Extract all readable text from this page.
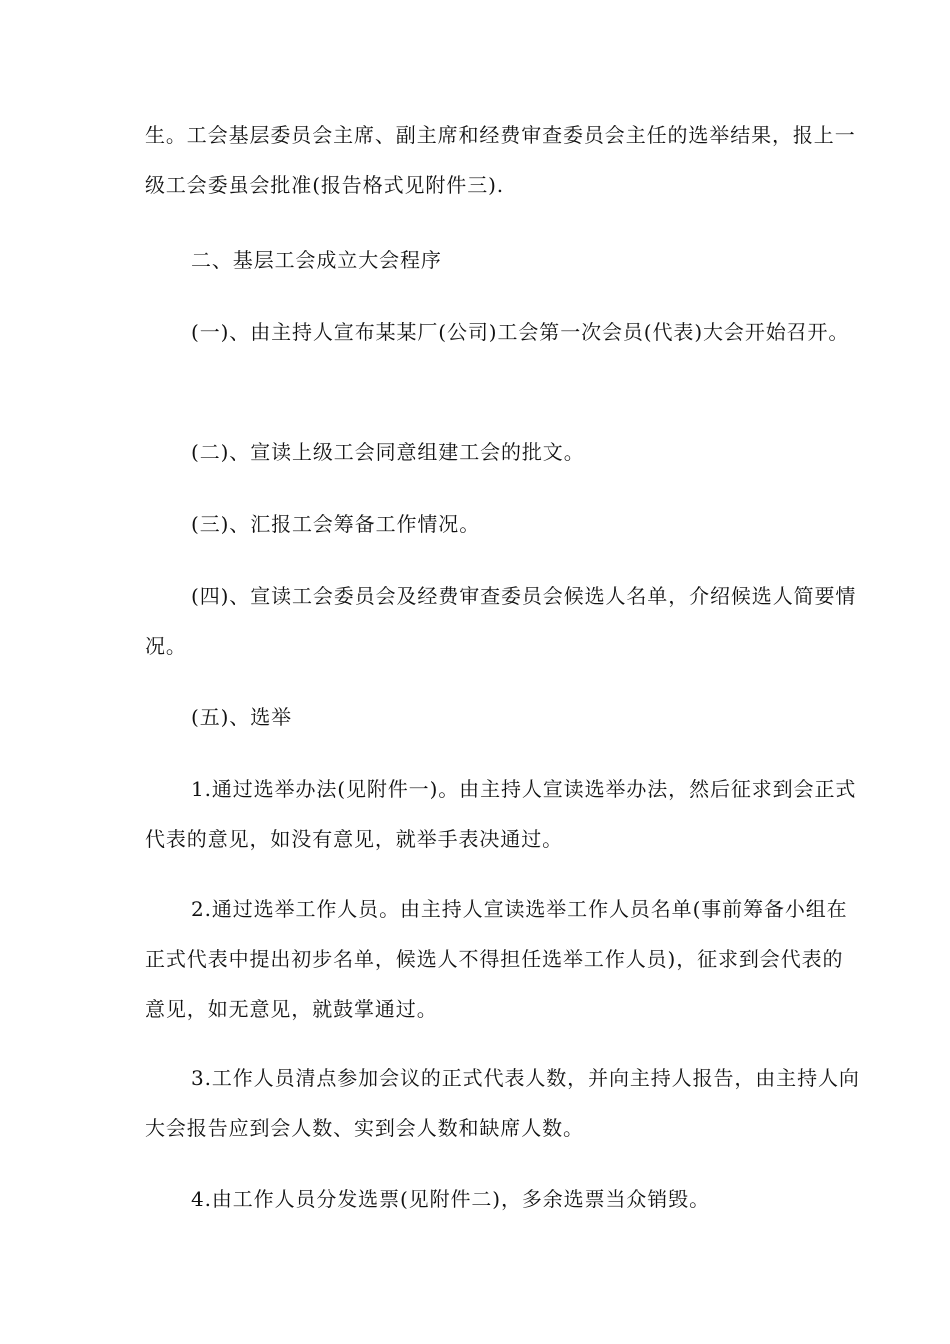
生。工会基层委员会主席、副主席和经费审查委员会主任的选举结果，报上一级工会委虽会批准(报告格式见附件三).

二、基层工会成立大会程序

(一)、由主持人宣布某某厂(公司)工会第一次会员(代表)大会开始召开。

(二)、宣读上级工会同意组建工会的批文。

(三)、汇报工会筹备工作情况。

(四)、宣读工会委员会及经费审查委员会候选人名单，介绍候选人简要情况。

(五)、选举

1.通过选举办法(见附件一)。由主持人宣读选举办法，然后征求到会正式代表的意见，如没有意见，就举手表决通过。

2.通过选举工作人员。由主持人宣读选举工作人员名单(事前筹备小组在正式代表中提出初步名单，候选人不得担任选举工作人员)，征求到会代表的意见，如无意见，就鼓掌通过。

3.工作人员清点参加会议的正式代表人数，并向主持人报告，由主持人向大会报告应到会人数、实到会人数和缺席人数。

4.由工作人员分发选票(见附件二)，多余选票当众销毁。
